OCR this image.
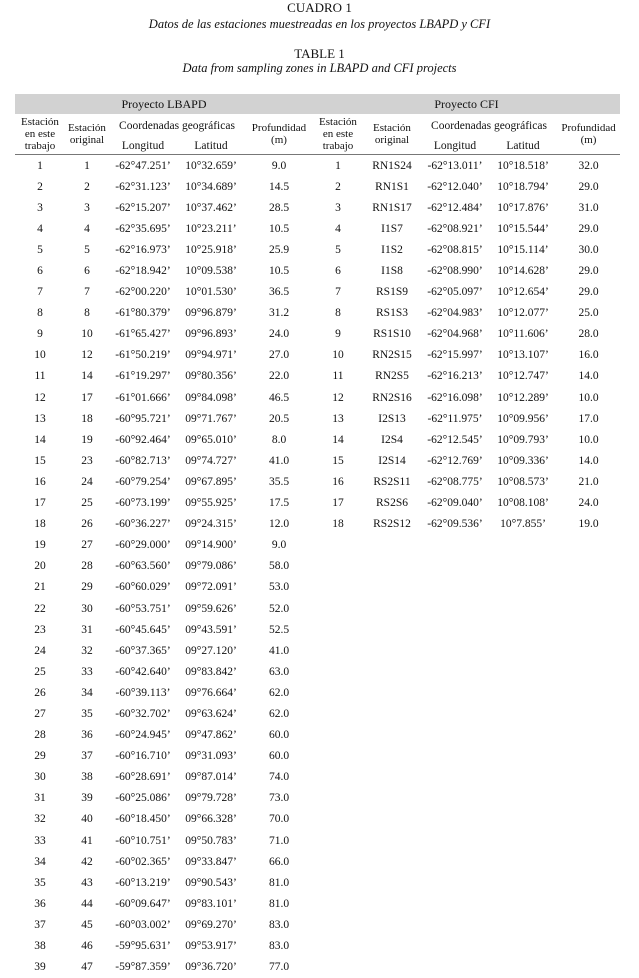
CUADRO 1
Datos de las estaciones muestreadas en los proyectos LBAPD y CFI
TABLE 1
Data from sampling zones in LBAPD and CFI projects
Proyecto LBAPD					Proyecto CFI				
Estación
en este
trabajo	Estación
original	Coordenadas geográficas		Profundidad
(m)	Estación
en este
trabajo	Estación
original	Coordenadas geográficas		Profundidad
(m)
		Longitud	Latitud				Longitud	Latitud	

1	1	-62°47.251’	10°32.659’	9.0	1	RN1S24	-62°13.011’	10°18.518’	32.0
2	2	-62°31.123’	10°34.689’	14.5	2	RN1S1	-62°12.040’	10°18.794’	29.0
3	3	-62°15.207’	10°37.462’	28.5	3	RN1S17	-62°12.484’	10°17.876’	31.0
4	4	-62°35.695’	10°23.211’	10.5	4	I1S7	-62°08.921’	10°15.544’	29.0
5	5	-62°16.973’	10°25.918’	25.9	5	I1S2	-62°08.815’	10°15.114’	30.0
6	6	-62°18.942’	10°09.538’	10.5	6	I1S8	-62°08.990’	10°14.628’	29.0
7	7	-62°00.220’	10°01.530’	36.5	7	RS1S9	-62°05.097’	10°12.654’	29.0
8	8	-61°80.379’	09°96.879’	31.2	8	RS1S3	-62°04.983’	10°12.077’	25.0
9	10	-61°65.427’	09°96.893’	24.0	9	RS1S10	-62°04.968’	10°11.606’	28.0
10	12	-61°50.219’	09°94.971’	27.0	10	RN2S15	-62°15.997’	10°13.107’	16.0
11	14	-61°19.297’	09°80.356’	22.0	11	RN2S5	-62°16.213’	10°12.747’	14.0
12	17	-61°01.666’	09°84.098’	46.5	12	RN2S16	-62°16.098’	10°12.289’	10.0
13	18	-60°95.721’	09°71.767’	20.5	13	I2S13	-62°11.975’	10°09.956’	17.0
14	19	-60°92.464’	09°65.010’	8.0	14	I2S4	-62°12.545’	10°09.793’	10.0
15	23	-60°82.713’	09°74.727’	41.0	15	I2S14	-62°12.769’	10°09.336’	14.0
16	24	-60°79.254’	09°67.895’	35.5	16	RS2S11	-62°08.775’	10°08.573’	21.0
17	25	-60°73.199’	09°55.925’	17.5	17	RS2S6	-62°09.040’	10°08.108’	24.0
18	26	-60°36.227’	09°24.315’	12.0	18	RS2S12	-62°09.536’	10°7.855’	19.0
19	27	-60°29.000’	09°14.900’	9.0					
20	28	-60°63.560’	09°79.086’	58.0					
21	29	-60°60.029’	09°72.091’	53.0					
22	30	-60°53.751’	09°59.626’	52.0					
23	31	-60°45.645’	09°43.591’	52.5					
24	32	-60°37.365’	09°27.120’	41.0					
25	33	-60°42.640’	09°83.842’	63.0					
26	34	-60°39.113’	09°76.664’	62.0					
27	35	-60°32.702’	09°63.624’	62.0					
28	36	-60°24.945’	09°47.862’	60.0					
29	37	-60°16.710’	09°31.093’	60.0					
30	38	-60°28.691’	09°87.014’	74.0					
31	39	-60°25.086’	09°79.728’	73.0					
32	40	-60°18.450’	09°66.328’	70.0					
33	41	-60°10.751’	09°50.783’	71.0					
34	42	-60°02.365’	09°33.847’	66.0					
35	43	-60°13.219’	09°90.543’	81.0					
36	44	-60°09.647’	09°83.101’	81.0					
37	45	-60°03.002’	09°69.270’	83.0					
38	46	-59°95.631’	09°53.917’	83.0					
39	47	-59°87.359’	09°36.720’	77.0					
